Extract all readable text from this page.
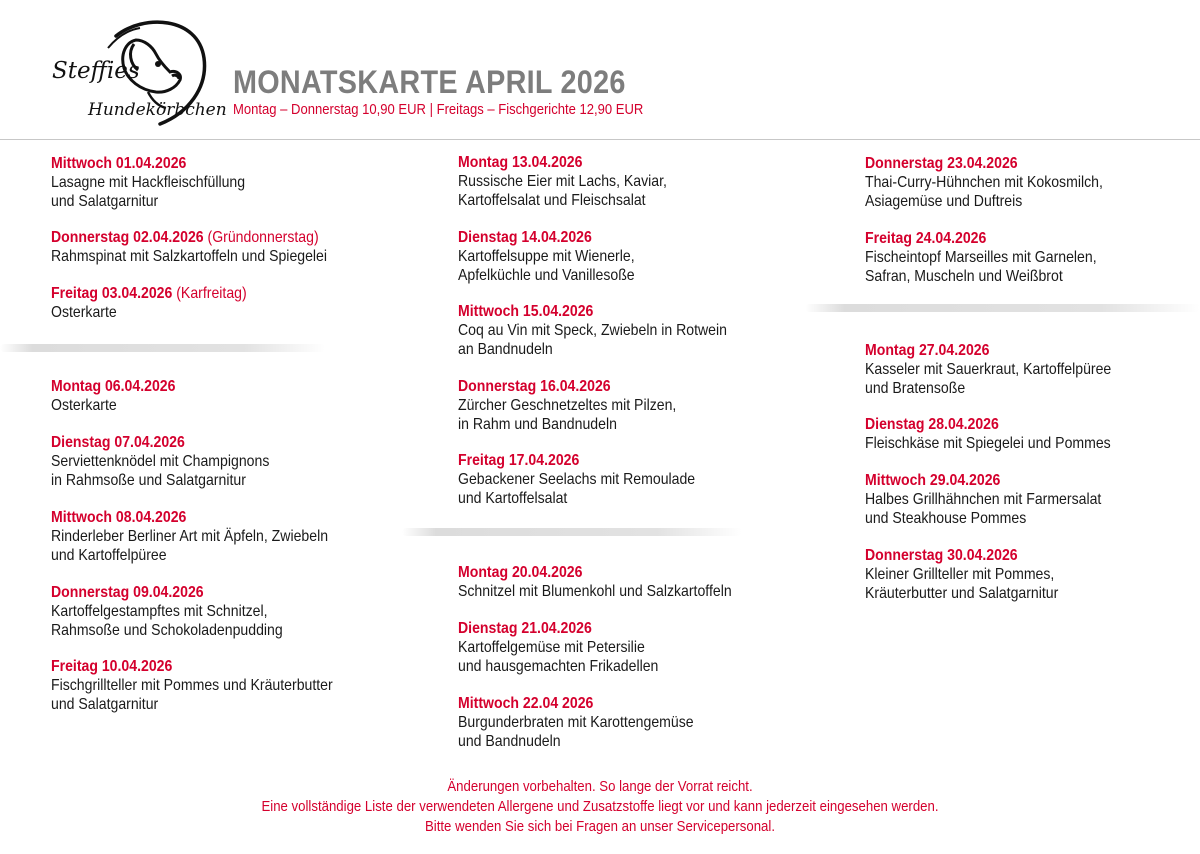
Steffies
Hundekörbchen
MONATSKARTE APRIL 2026
Montag – Donnerstag 10,90 EUR | Freitags – Fischgerichte 12,90 EUR
Mittwoch 01.04.2026
Lasagne mit Hackfleischfüllung
und Salatgarnitur
Donnerstag 02.04.2026 (Gründonnerstag)
Rahmspinat mit Salzkartoffeln und Spiegelei
Freitag 03.04.2026 (Karfreitag)
Osterkarte
Montag 06.04.2026
Osterkarte
Dienstag 07.04.2026
Serviettenknödel mit Champignons
in Rahmsoße und Salatgarnitur
Mittwoch 08.04.2026
Rinderleber Berliner Art mit Äpfeln, Zwiebeln
und Kartoffelpüree
Donnerstag 09.04.2026
Kartoffelgestampftes mit Schnitzel,
Rahmsoße und Schokoladenpudding
Freitag 10.04.2026
Fischgrillteller mit Pommes und Kräuterbutter
und Salatgarnitur
Montag 13.04.2026
Russische Eier mit Lachs, Kaviar,
Kartoffelsalat und Fleischsalat
Dienstag 14.04.2026
Kartoffelsuppe mit Wienerle,
Apfelküchle und Vanillesoße
Mittwoch 15.04.2026
Coq au Vin mit Speck, Zwiebeln in Rotwein
an Bandnudeln
Donnerstag 16.04.2026
Zürcher Geschnetzeltes mit Pilzen,
in Rahm und Bandnudeln
Freitag 17.04.2026
Gebackener Seelachs mit Remoulade
und Kartoffelsalat
Montag 20.04.2026
Schnitzel mit Blumenkohl und Salzkartoffeln
Dienstag 21.04.2026
Kartoffelgemüse mit Petersilie
und hausgemachten Frikadellen
Mittwoch 22.04 2026
Burgunderbraten mit Karottengemüse
und Bandnudeln
Donnerstag 23.04.2026
Thai-Curry-Hühnchen mit Kokosmilch,
Asiagemüse und Duftreis
Freitag 24.04.2026
Fischeintopf Marseilles mit Garnelen,
Safran, Muscheln und Weißbrot
Montag 27.04.2026
Kasseler mit Sauerkraut, Kartoffelpüree
und Bratensoße
Dienstag 28.04.2026
Fleischkäse mit Spiegelei und Pommes
Mittwoch 29.04.2026
Halbes Grillhähnchen mit Farmersalat
und Steakhouse Pommes
Donnerstag 30.04.2026
Kleiner Grillteller mit Pommes,
Kräuterbutter und Salatgarnitur
Änderungen vorbehalten. So lange der Vorrat reicht.
Eine vollständige Liste der verwendeten Allergene und Zusatzstoffe liegt vor und kann jederzeit eingesehen werden.
Bitte wenden Sie sich bei Fragen an unser Servicepersonal.
